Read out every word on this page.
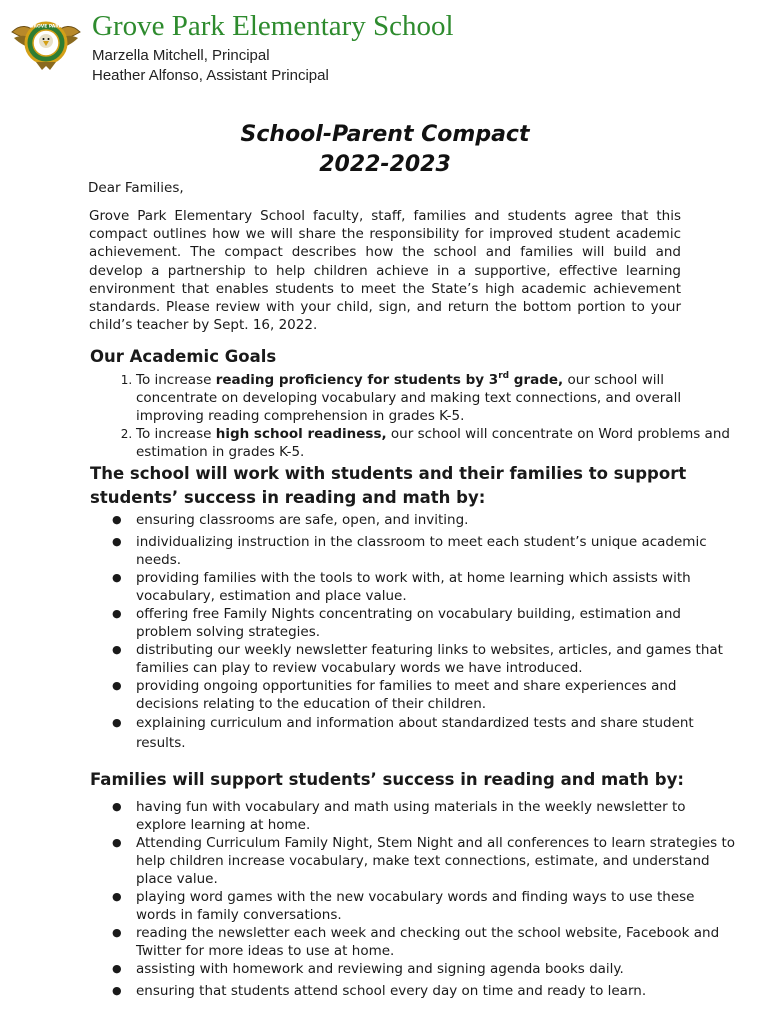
GROVE PARK Grove Park Elementary School
Marzella Mitchell, Principal
Heather Alfonso, Assistant Principal
School-Parent Compact
2022-2023
Dear Families,

Grove Park Elementary School faculty, staff, families and students agree that this compact outlines how we will share the responsibility for improved student academic achievement. The compact describes how the school and families will build and develop a partnership to help children achieve in a supportive, effective learning environment that enables students to meet the State’s high academic achievement standards. Please review with your child, sign, and return the bottom portion to your child’s teacher by Sept. 16, 2022.

Our Academic Goals
1. To increase reading proficiency for students by 3rd grade, our school will concentrate on developing vocabulary and making text connections, and overall improving reading comprehension in grades K-5.
2. To increase high school readiness, our school will concentrate on Word problems and estimation in grades K-5.
The school will work with students and their families to support students’ success in reading and math by:
● ensuring classrooms are safe, open, and inviting.
● individualizing instruction in the classroom to meet each student’s unique academic needs.
● providing families with the tools to work with, at home learning which assists with vocabulary, estimation and place value.
● offering free Family Nights concentrating on vocabulary building, estimation and problem solving strategies.
● distributing our weekly newsletter featuring links to websites, articles, and games that families can play to review vocabulary words we have introduced.
● providing ongoing opportunities for families to meet and share experiences and decisions relating to the education of their children.
● explaining curriculum and information about standardized tests and share student results.
Families will support students’ success in reading and math by:
● having fun with vocabulary and math using materials in the weekly newsletter to explore learning at home.
● Attending Curriculum Family Night, Stem Night and all conferences to learn strategies to help children increase vocabulary, make text connections, estimate, and understand place value.
● playing word games with the new vocabulary words and finding ways to use these words in family conversations.
● reading the newsletter each week and checking out the school website, Facebook and Twitter for more ideas to use at home.
● assisting with homework and reviewing and signing agenda books daily.
● ensuring that students attend school every day on time and ready to learn.
